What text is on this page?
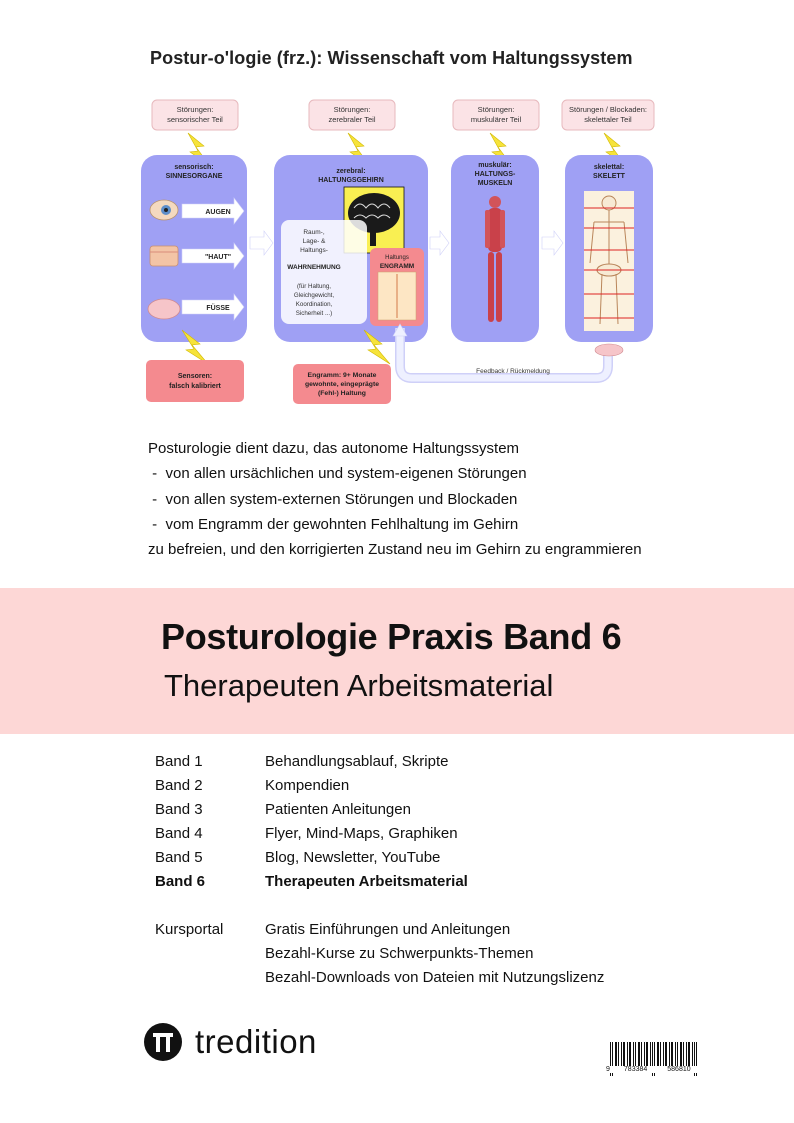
Postur-o'logie (frz.): Wissenschaft vom Haltungssystem
Störungen:
sensorischer Teil
Störungen:
zerebraler Teil
Störungen:
muskulärer Teil
Störungen / Blockaden:
skelettaler Teil
sensorisch:
SINNESORGANE
zerebral:
HALTUNGSGEHIRN
muskulär:
HALTUNGS-
MUSKELN
skelettal:
SKELETT
AUGEN
"HAUT"
FÜSSE
Raum-,
Lage- &
Haltungs-
WAHRNEHMUNG
(für Haltung,
Gleichgewicht,
Koordination,
Sicherheit ...)
Haltungs
ENGRAMM
Feedback / Rückmeldung
Sensoren:
falsch kalibriert
Engramm: 9+ Monate
gewohnte, eingeprägte
(Fehl-) Haltung
Posturologie dient dazu, das autonome Haltungssystem
-  von allen ursächlichen und system-eigenen Störungen
-  von allen system-externen Störungen und Blockaden
-  vom Engramm der gewohnten Fehlhaltung im Gehirn
zu befreien, und den korrigierten Zustand neu im Gehirn zu engrammieren
Posturologie Praxis Band 6
Therapeuten Arbeitsmaterial
Band 1	Behandlungsablauf, Skripte
Band 2	Kompendien
Band 3	Patienten Anleitungen
Band 4	Flyer, Mind-Maps, Graphiken
Band 5	Blog, Newsletter, YouTube
Band 6	Therapeuten Arbeitsmaterial
Kursportal	Gratis Einführungen und Anleitungen
Bezahl-Kurse zu Schwerpunkts-Themen
Bezahl-Downloads von Dateien mit Nutzungslizenz
tredition
9 783384	586810
